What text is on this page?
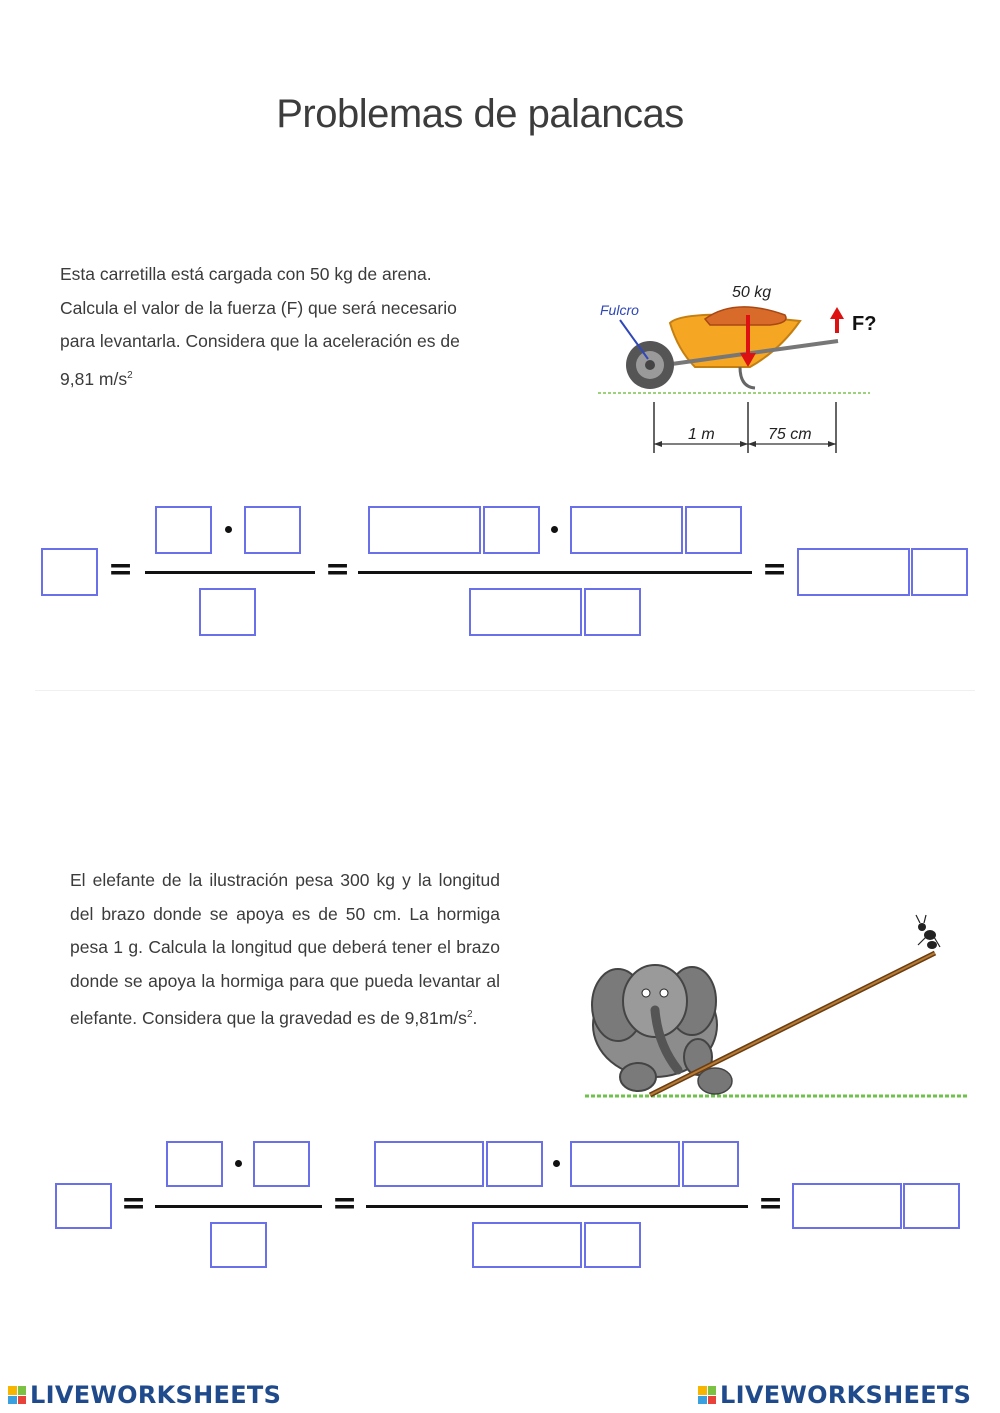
Problemas de palancas
Esta carretilla está cargada con 50 kg de arena. Calcula el valor de la fuerza (F) que será necesario para levantarla. Considera que la aceleración es de 9,81 $m/s^2$
Fulcro
50 kg
F?
1 m	75 cm
=	=	=
El elefante de la ilustración pesa 300 kg y la longitud del brazo donde se apoya es de 50 cm. La hormiga pesa 1 g. Calcula la longitud que deberá tener el brazo donde se apoya la hormiga para que pueda levantar al elefante. Considera que la gravedad es de $9,81m/s^2$.
=	=	=
LIVEWORKSHEETS	LIVEWORKSHEETS
